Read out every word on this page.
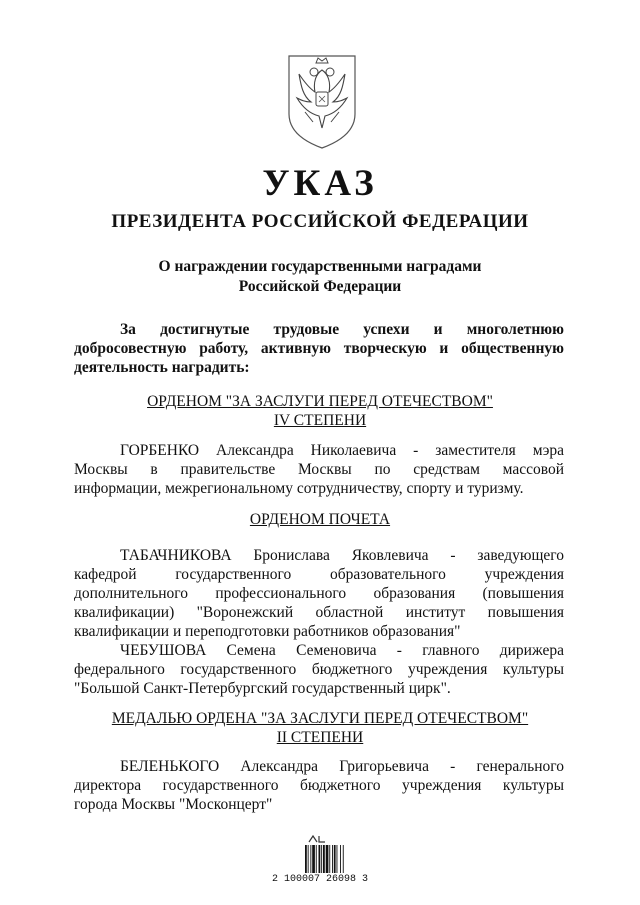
УКАЗ
ПРЕЗИДЕНТА РОССИЙСКОЙ ФЕДЕРАЦИИ
О награждении государственными наградами
Российской Федерации
За достигнутые трудовые успехи и многолетнюю
добросовестную работу, активную творческую и общественную
деятельность наградить:
ОРДЕНОМ "ЗА ЗАСЛУГИ ПЕРЕД ОТЕЧЕСТВОМ"
IV СТЕПЕНИ
ГОРБЕНКО Александра Николаевича - заместителя мэра
Москвы в правительстве Москвы по средствам массовой
информации, межрегиональному сотрудничеству, спорту и туризму.
ОРДЕНОМ ПОЧЕТА
ТАБАЧНИКОВА Бронислава Яковлевича - заведующего
кафедрой государственного образовательного учреждения
дополнительного профессионального образования (повышения
квалификации) "Воронежский областной институт повышения
квалификации и переподготовки работников образования"
ЧЕБУШОВА Семена Семеновича - главного дирижера
федерального государственного бюджетного учреждения культуры
"Большой Санкт-Петербургский государственный цирк".
МЕДАЛЬЮ ОРДЕНА "ЗА ЗАСЛУГИ ПЕРЕД ОТЕЧЕСТВОМ"
II СТЕПЕНИ
БЕЛЕНЬКОГО Александра Григорьевича - генерального
директора государственного бюджетного учреждения культуры
города Москвы "Москонцерт"
2 100007 26098 3
